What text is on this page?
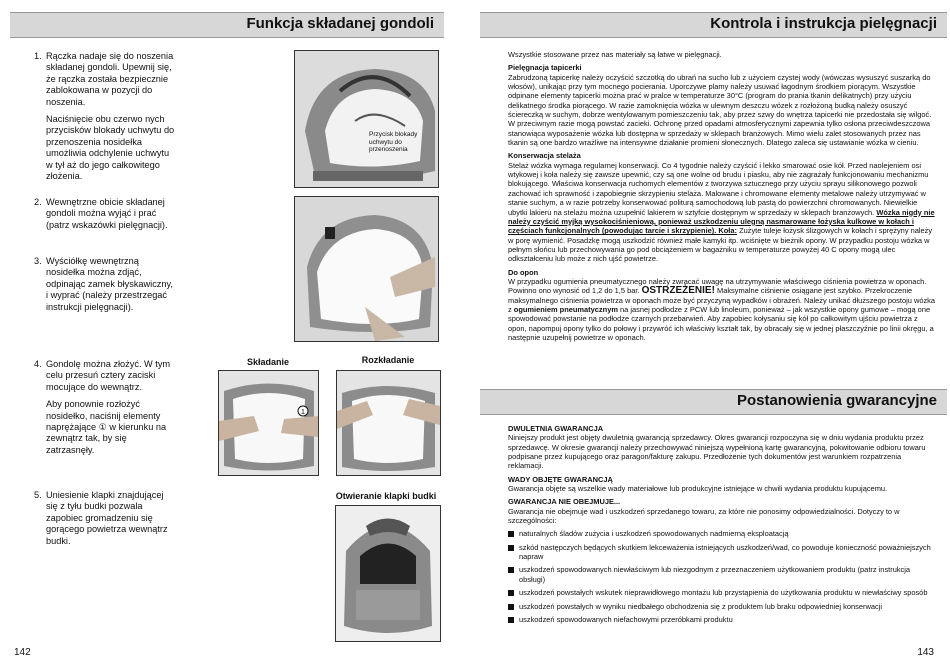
Funkcja składanej gondoli
1. Rączka nadaje się do noszenia składanej gondoli. Upewnij się, że rączka została bezpiecznie zablokowana w pozycji do noszenia.

Naciśnięcie obu czerwo nych przycisków blokady uchwytu do przenoszenia nosidełka umożliwia odchylenie uchwytu w tył aż do jego całkowitego złożenia.

2. Wewnętrzne obicie składanej gondoli można wyjąć i prać (patrz wskazówki pielęgnacji).

3. Wyściółkę wewnętrzną nosidełka można zdjąć, odpinając zamek błyskawiczny, i wyprać (należy przestrzegać instrukcji pielęgnacji).

4. Gondolę można złożyć. W tym celu przesuń cztery zaciski mocujące do wewnątrz.

Aby ponownie rozłożyć nosidełko, naciśnij elementy naprężające ① w kierunku na zewnątrz tak, by się zatrzasnęły.

5. Uniesienie klapki znajdującej się z tyłu budki pozwala zapobiec gromadzeniu się gorącego powietrza wewnątrz budki.

Przycisk blokady uchwytu do przenoszenia
Składanie	Rozkładanie
1
Otwieranie klapki budki
142
Kontrola i instrukcja pielęgnacji

Wszystkie stosowane przez nas materiały są łatwe w pielęgnacji.

Pielęgnacja tapicerki

Zabrudzoną tapicerkę należy oczyścić szczotką do ubrań na sucho lub z użyciem czystej wody (wówczas wysuszyć suszarką do włosów), unikając przy tym mocnego pocierania. Uporczywe plamy należy usuwać łagodnym środkiem piorącym. Wszystkie odpinane elementy tapicerki można prać w pralce w temperaturze 30°C (program do prania tkanin delikatnych) przy użyciu delikatnego środka piorącego. W razie zamoknięcia wózka w ulewnym deszczu wózek z rozłożoną budką należy osuszyć ściereczką w suchym, dobrze wentylowanym pomieszczeniu tak, aby przez szwy do wnętrza tapicerki nie przedostała się wilgoć. W przeciwnym razie mogą powstać zacieki. Ochronę przed opadami atmosferycznymi zapewnia tylko osłona przeciwdeszczowa stanowiąca wyposażenie wózka lub dostępna w sprzedaży w sklepach branżowych. Mimo wielu zalet stosowanych przez nas tkanin są one bardzo wrażliwe na intensywne działanie promieni słonecznych. Dlatego zaleca się ustawianie wózka w cieniu.

Konserwacja stelaża

Stelaż wózka wymaga regularnej konserwacji. Co 4 tygodnie należy czyścić i lekko smarować osie kół. Przed naolejeniem osi wtykowej i koła należy się zawsze upewnić, czy są one wolne od brudu i piasku, aby nie zagrażały funkcjonowaniu mechanizmu blokującego. Właściwa konserwacja ruchomych elementów z tworzywa sztucznego przy użyciu sprayu silikonowego pozwoli zachować ich sprawność i zapobiegnie skrzypieniu stelaża. Malowane i chromowane elementy metalowe należy utrzymywać w stanie suchym, a w razie potrzeby konserwować politurą samochodową lub pastą do powierzchni chromowanych. Niewielkie ubytki lakieru na stelażu można uzupełnić lakierem w sztyfcie dostępnym w sprzedaży w sklepach branżowych. Wózka nigdy nie należy czyścić myjką wysokociśnieniową, ponieważ uszkodzeniu ulegną nasmarowane łożyska kulkowe w kołach i częściach funkcjonalnych (powodując tarcie i skrzypienie). Koła: Zużyte tuleje łożysk ślizgowych w kołach i sprężyny należy w porę wymienić. Posadzkę mogą uszkodzić również małe kamyki itp. wciśnięte w bieżnik opony. W przypadku postoju wózka w pełnym słońcu lub przechowywania go pod obciążeniem w bagażniku w temperaturze powyżej 40 C opony mogą ulec odkształceniu lub może z nich ujść powietrze.

Do opon

W przypadku ogumienia pneumatycznego należy zwracać uwagę na utrzymywanie właściwego ciśnienia powietrza w oponach. Powinno ono wynosić od 1,2 do 1,5 bar. OSTRZEŻENIE! Maksymalne ciśnienie osiągane jest szybko. Przekroczenie maksymalnego ciśnienia powietrza w oponach może być przyczyną wypadków i obrażeń. Należy unikać dłuższego postoju wózka z ogumieniem pneumatycznym na jasnej podłodze z PCW lub linoleum, ponieważ – jak wszystkie opony gumowe – mogą one spowodować powstanie na podłodze czarnych przebarwień. Aby zapobiec kołysaniu się kół po całkowitym ujściu powietrza z opon, napompuj opony tylko do połowy i przywróć ich właściwy kształt tak, by obracały się w jednej płaszczyźnie po linii okręgu, a następnie uzupełnij powietrze w oponach.

Postanowienia gwarancyjne

DWULETNIA GWARANCJA

Niniejszy produkt jest objęty dwuletnią gwarancją sprzedawcy. Okres gwarancji rozpoczyna się w dniu wydania produktu przez sprzedawcę. W okresie gwarancji należy przechowywać niniejszą wypełnioną kartę gwarancyjną, pokwitowanie odbioru towaru podpisane przez kupującego oraz paragon/fakturę zakupu. Przedłożenie tych dokumentów jest warunkiem rozpatrzenia reklamacji.

WADY OBJĘTE GWARANCJĄ

Gwarancja objęte są wszelkie wady materiałowe lub produkcyjne istniejące w chwili wydania produktu kupującemu.

GWARANCJA NIE OBEJMUJE...

Gwarancja nie obejmuje wad i uszkodzeń sprzedanego towaru, za które nie ponosimy odpowiedzialności. Dotyczy to w szczególności:

naturalnych śladów zużycia i uszkodzeń spowodowanych nadmierną eksploatacją
szkód następczych będących skutkiem lekceważenia istniejących uszkodzeń/wad, co powoduje konieczność poważniejszych napraw
uszkodzeń spowodowanych niewłaściwym lub niezgodnym z przeznaczeniem użytkowaniem produktu (patrz instrukcja obsługi)
uszkodzeń powstałych wskutek nieprawidłowego montażu lub przystąpienia do użytkowania produktu w niewłaściwy sposób
uszkodzeń powstałych w wyniku niedbałego obchodzenia się z produktem lub braku odpowiedniej konserwacji
uszkodzeń spowodowanych niefachowymi przeróbkami produktu
143
